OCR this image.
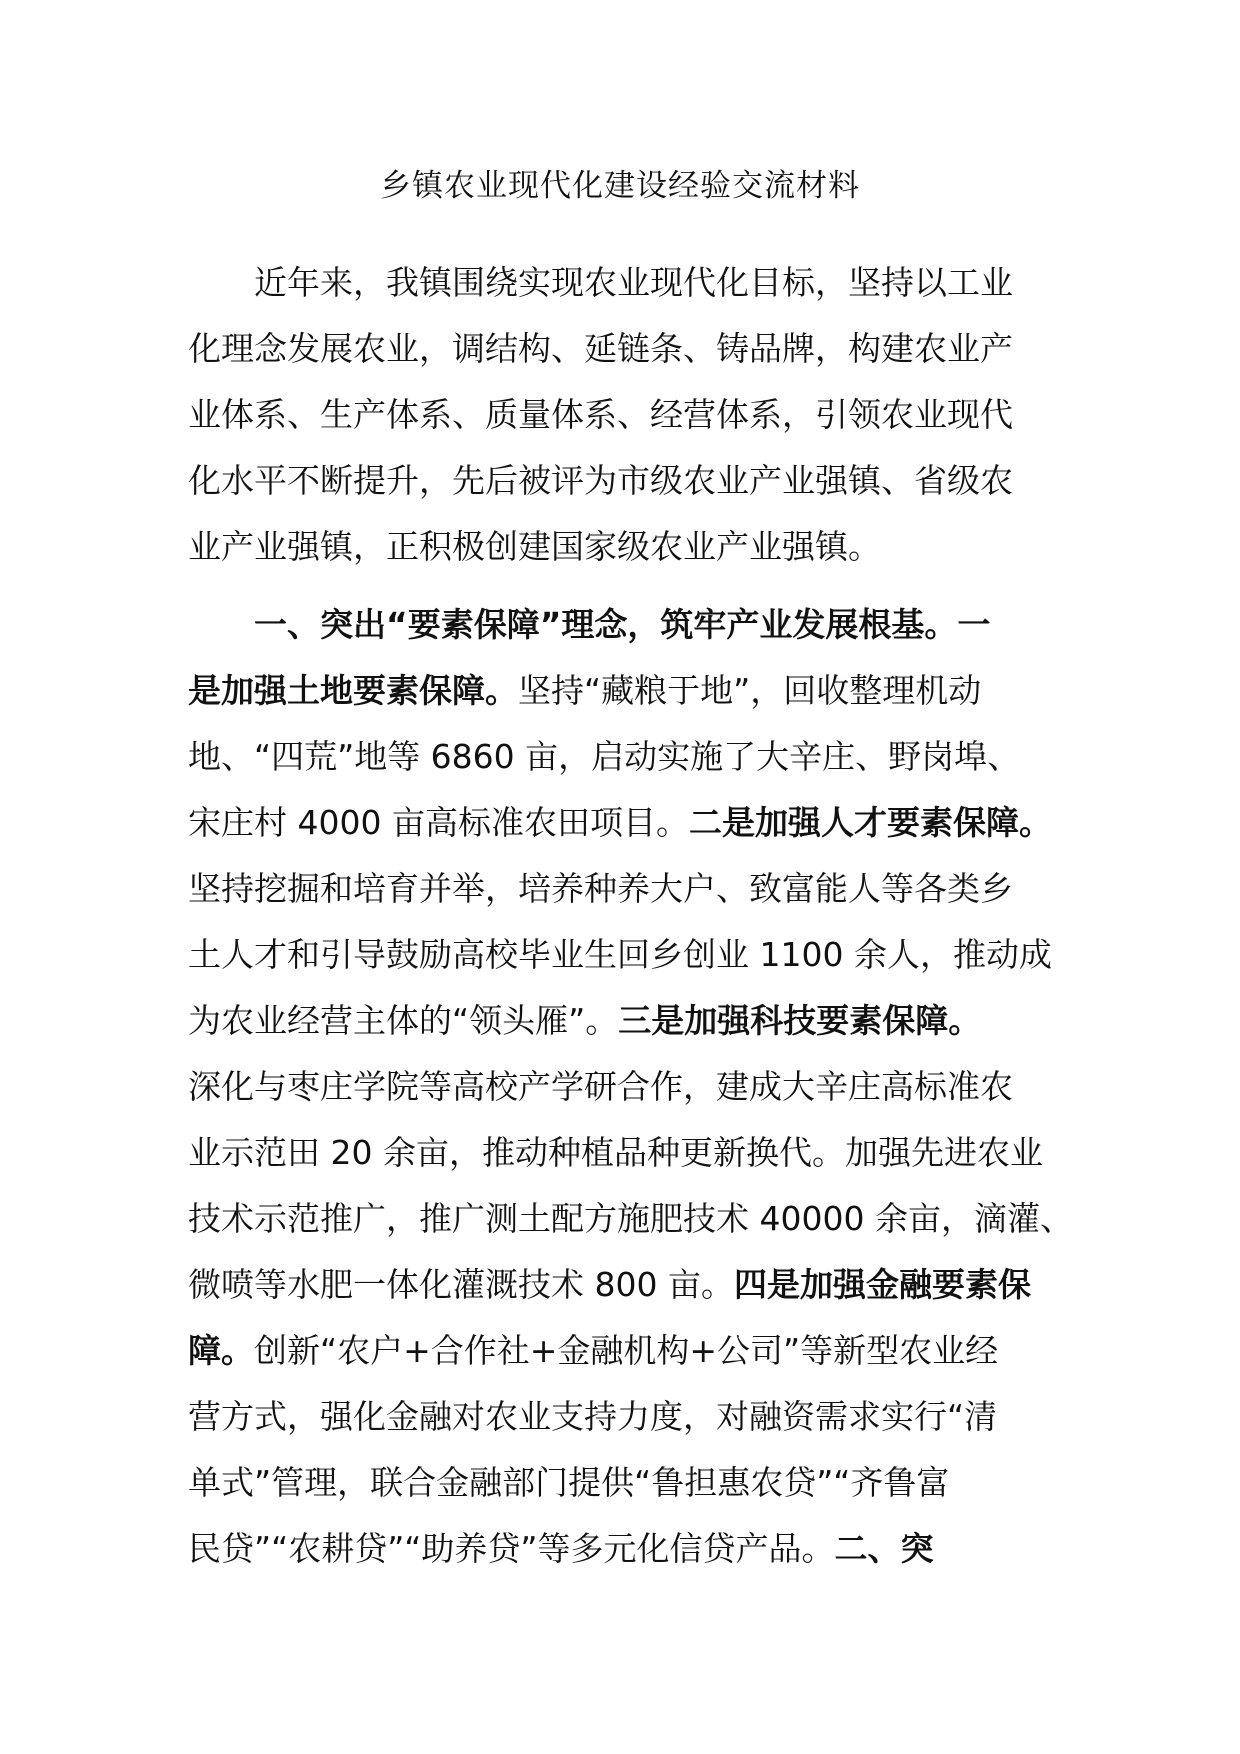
乡镇农业现代化建设经验交流材料
近年来，我镇围绕实现农业现代化目标，坚持以工业
化理念发展农业，调结构、延链条、铸品牌，构建农业产
业体系、生产体系、质量体系、经营体系，引领农业现代
化水平不断提升，先后被评为市级农业产业强镇、省级农
业产业强镇，正积极创建国家级农业产业强镇。
一、突出“要素保障”理念，筑牢产业发展根基。一
是加强土地要素保障。坚持“藏粮于地”，回收整理机动
地、“四荒”地等 6860 亩，启动实施了大辛庄、野岗埠、
宋庄村 4000 亩高标准农田项目。二是加强人才要素保障。
坚持挖掘和培育并举，培养种养大户、致富能人等各类乡
土人才和引导鼓励高校毕业生回乡创业 1100 余人，推动成
为农业经营主体的“领头雁”。三是加强科技要素保障。
深化与枣庄学院等高校产学研合作，建成大辛庄高标准农
业示范田 20 余亩，推动种植品种更新换代。加强先进农业
技术示范推广，推广测土配方施肥技术 40000 余亩，滴灌、
微喷等水肥一体化灌溉技术 800 亩。四是加强金融要素保
障。创新“农户+合作社+金融机构+公司”等新型农业经
营方式，强化金融对农业支持力度，对融资需求实行“清
单式”管理，联合金融部门提供“鲁担惠农贷”“齐鲁富
民贷”“农耕贷”“助养贷”等多元化信贷产品。二、突
